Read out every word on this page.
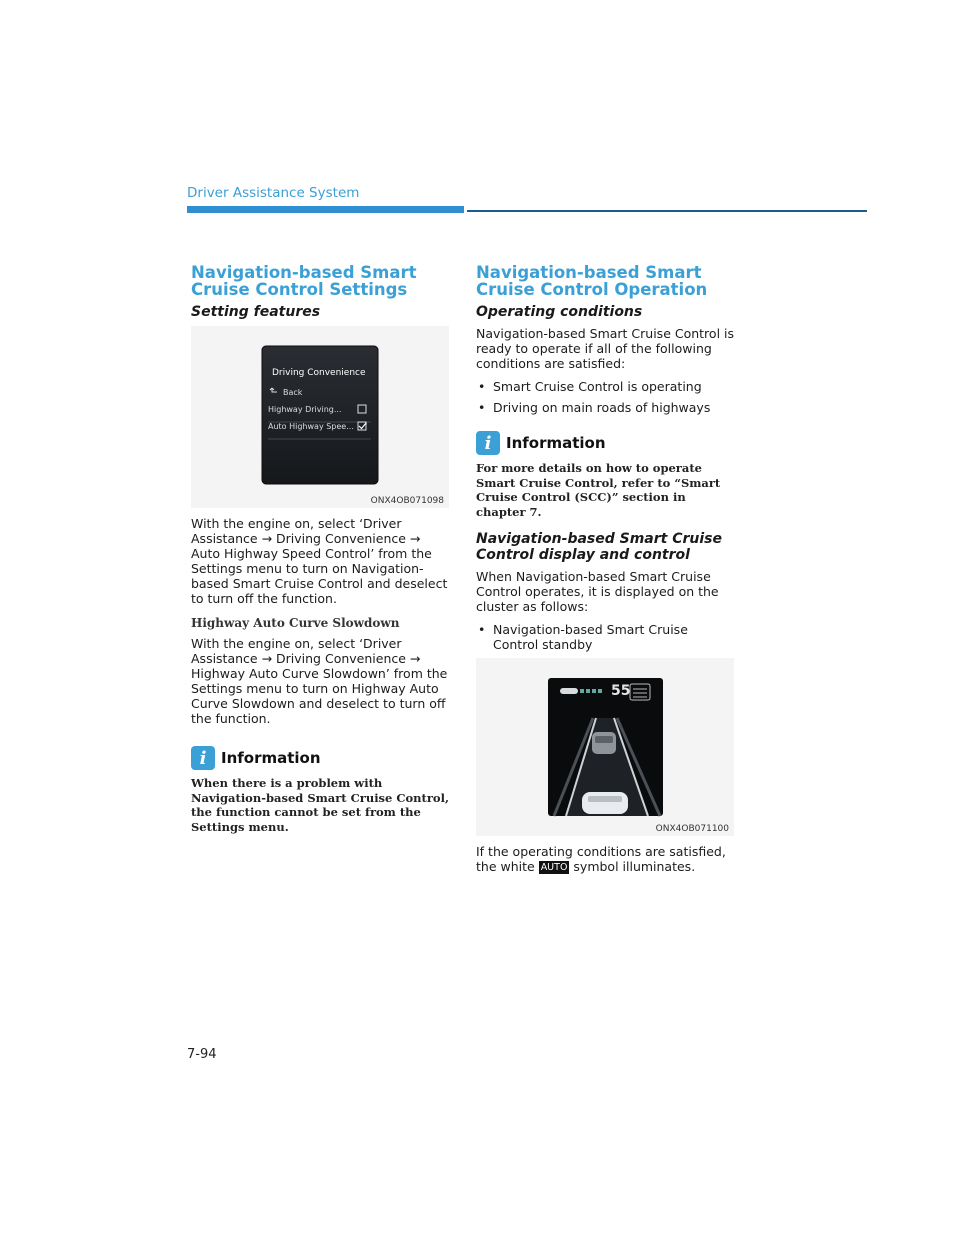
Driver Assistance System
Navigation-based Smart Cruise Control Settings
Setting features
Driving Convenience
Back
Highway Driving...
Auto Highway Spee...
ONX4OB071098

With the engine on, select ‘Driver Assistance → Driving Convenience → Auto Highway Speed Control’ from the Settings menu to turn on Navigation-based Smart Cruise Control and deselect to turn off the function.

Highway Auto Curve Slowdown

With the engine on, select ‘Driver Assistance → Driving Convenience → Highway Auto Curve Slowdown’ from the Settings menu to turn on Highway Auto Curve Slowdown and deselect to turn off the function.

i Information

When there is a problem with Navigation-based Smart Cruise Control, the function cannot be set from the Settings menu.

Navigation-based Smart Cruise Control Operation
Operating conditions

Navigation-based Smart Cruise Control is ready to operate if all of the following conditions are satisfied:

• Smart Cruise Control is operating
• Driving on main roads of highways
i Information

For more details on how to operate Smart Cruise Control, refer to “Smart Cruise Control (SCC)” section in chapter 7.

Navigation-based Smart Cruise Control display and control

When Navigation-based Smart Cruise Control operates, it is displayed on the cluster as follows:

• Navigation-based Smart Cruise Control standby
55
ONX4OB071100

If the operating conditions are satisfied, the white AUTO symbol illuminates.

7-94
